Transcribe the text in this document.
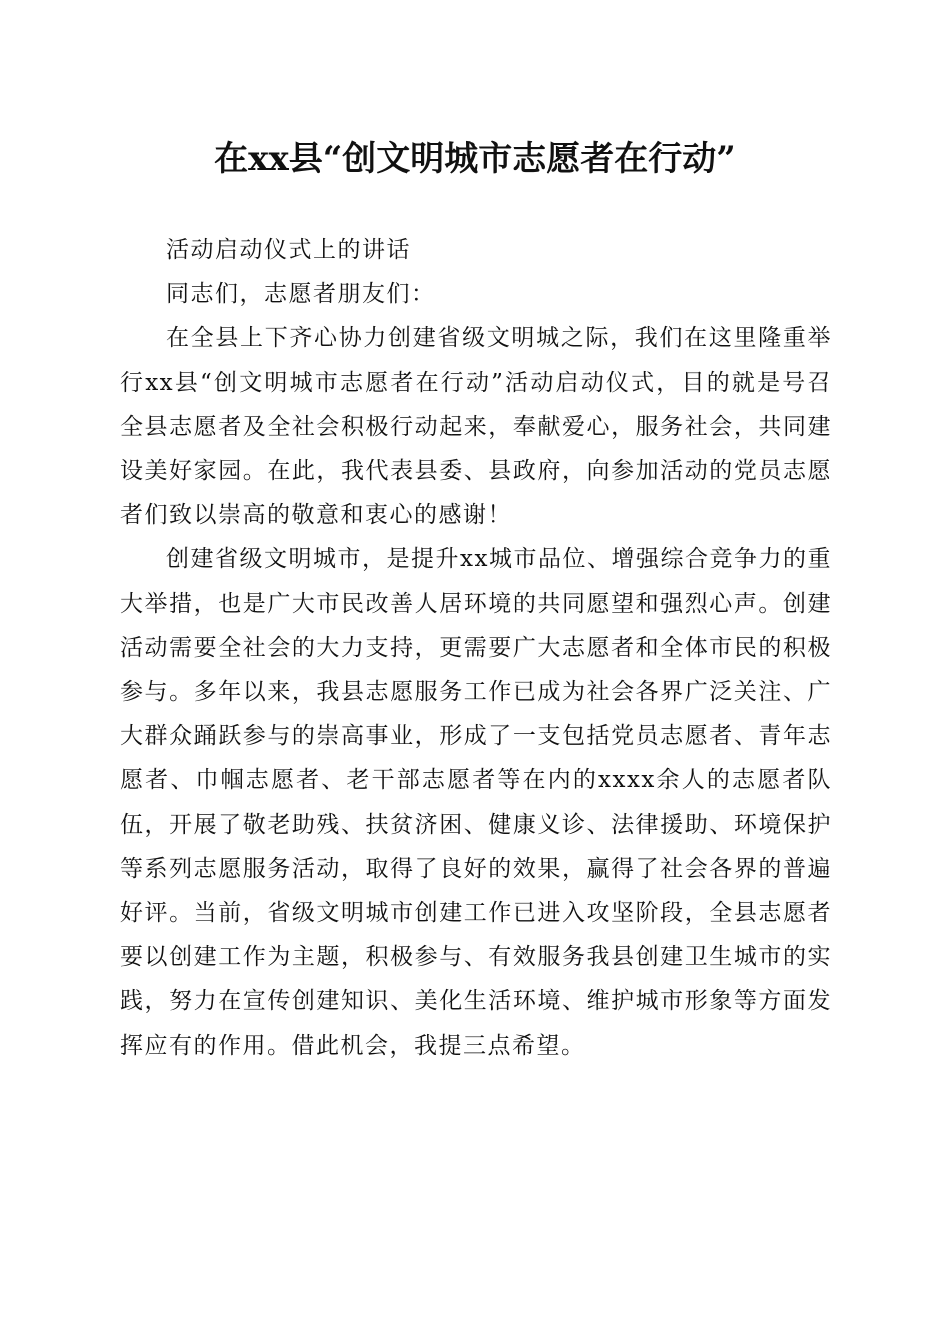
在xx县“创文明城市志愿者在行动”

活动启动仪式上的讲话

同志们，志愿者朋友们：

在全县上下齐心协力创建省级文明城之际，我们在这里隆重举行xx县“创文明城市志愿者在行动”活动启动仪式，目的就是号召全县志愿者及全社会积极行动起来，奉献爱心，服务社会，共同建设美好家园。在此，我代表县委、县政府，向参加活动的党员志愿者们致以崇高的敬意和衷心的感谢！

创建省级文明城市，是提升xx城市品位、增强综合竞争力的重大举措，也是广大市民改善人居环境的共同愿望和强烈心声。创建活动需要全社会的大力支持，更需要广大志愿者和全体市民的积极参与。多年以来，我县志愿服务工作已成为社会各界广泛关注、广大群众踊跃参与的崇高事业，形成了一支包括党员志愿者、青年志愿者、巾帼志愿者、老干部志愿者等在内的xxxx余人的志愿者队伍，开展了敬老助残、扶贫济困、健康义诊、法律援助、环境保护等系列志愿服务活动，取得了良好的效果，赢得了社会各界的普遍好评。当前，省级文明城市创建工作已进入攻坚阶段，全县志愿者要以创建工作为主题，积极参与、有效服务我县创建卫生城市的实践，努力在宣传创建知识、美化生活环境、维护城市形象等方面发挥应有的作用。借此机会，我提三点希望。
